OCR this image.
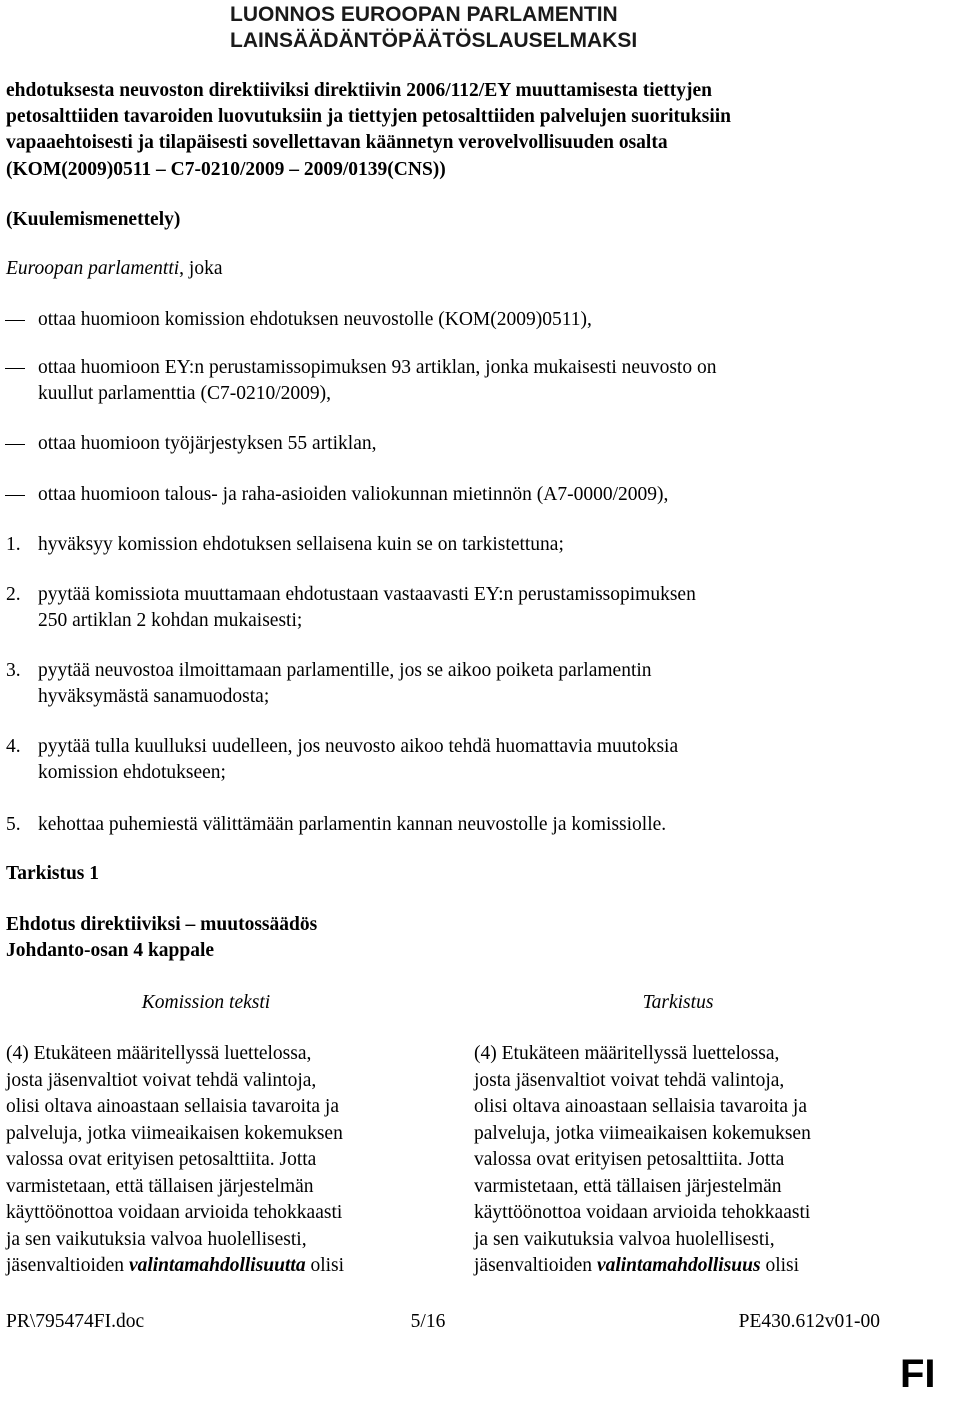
LUONNOS EUROOPAN PARLAMENTIN
LAINSÄÄDÄNTÖPÄÄTÖSLAUSELMAKSI
ehdotuksesta neuvoston direktiiviksi direktiivin 2006/112/EY muuttamisesta tiettyjen
petosalttiiden tavaroiden luovutuksiin ja tiettyjen petosalttiiden palvelujen suorituksiin
vapaaehtoisesti ja tilapäisesti sovellettavan käännetyn verovelvollisuuden osalta
(KOM(2009)0511 – C7-0210/2009 – 2009/0139(CNS))
(Kuulemismenettely)
Euroopan parlamentti, joka
ottaa huomioon komission ehdotuksen neuvostolle (KOM(2009)0511),
ottaa huomioon EY:n perustamissopimuksen 93 artiklan, jonka mukaisesti neuvosto on
kuullut parlamenttia (C7-0210/2009),
ottaa huomioon työjärjestyksen 55 artiklan,
ottaa huomioon talous- ja raha-asioiden valiokunnan mietinnön (A7-0000/2009),
1. hyväksyy komission ehdotuksen sellaisena kuin se on tarkistettuna;
2. pyytää komissiota muuttamaan ehdotustaan vastaavasti EY:n perustamissopimuksen
250 artiklan 2 kohdan mukaisesti;
3. pyytää neuvostoa ilmoittamaan parlamentille, jos se aikoo poiketa parlamentin
hyväksymästä sanamuodosta;
4. pyytää tulla kuulluksi uudelleen, jos neuvosto aikoo tehdä huomattavia muutoksia
komission ehdotukseen;
5. kehottaa puhemiestä välittämään parlamentin kannan neuvostolle ja komissiolle.
Tarkistus 1
Ehdotus direktiiviksi – muutossäädös
Johdanto-osan 4 kappale
Komission teksti	Tarkistus
(4) Etukäteen määritellyssä luettelossa,
josta jäsenvaltiot voivat tehdä valintoja,
olisi oltava ainoastaan sellaisia tavaroita ja
palveluja, jotka viimeaikaisen kokemuksen
valossa ovat erityisen petosalttiita. Jotta
varmistetaan, että tällaisen järjestelmän
käyttöönottoa voidaan arvioida tehokkaasti
ja sen vaikutuksia valvoa huolellisesti,
jäsenvaltioiden valintamahdollisuutta olisi
(4) Etukäteen määritellyssä luettelossa,
josta jäsenvaltiot voivat tehdä valintoja,
olisi oltava ainoastaan sellaisia tavaroita ja
palveluja, jotka viimeaikaisen kokemuksen
valossa ovat erityisen petosalttiita. Jotta
varmistetaan, että tällaisen järjestelmän
käyttöönottoa voidaan arvioida tehokkaasti
ja sen vaikutuksia valvoa huolellisesti,
jäsenvaltioiden valintamahdollisuus olisi
PR\795474FI.doc	5/16	PE430.612v01-00
FI
